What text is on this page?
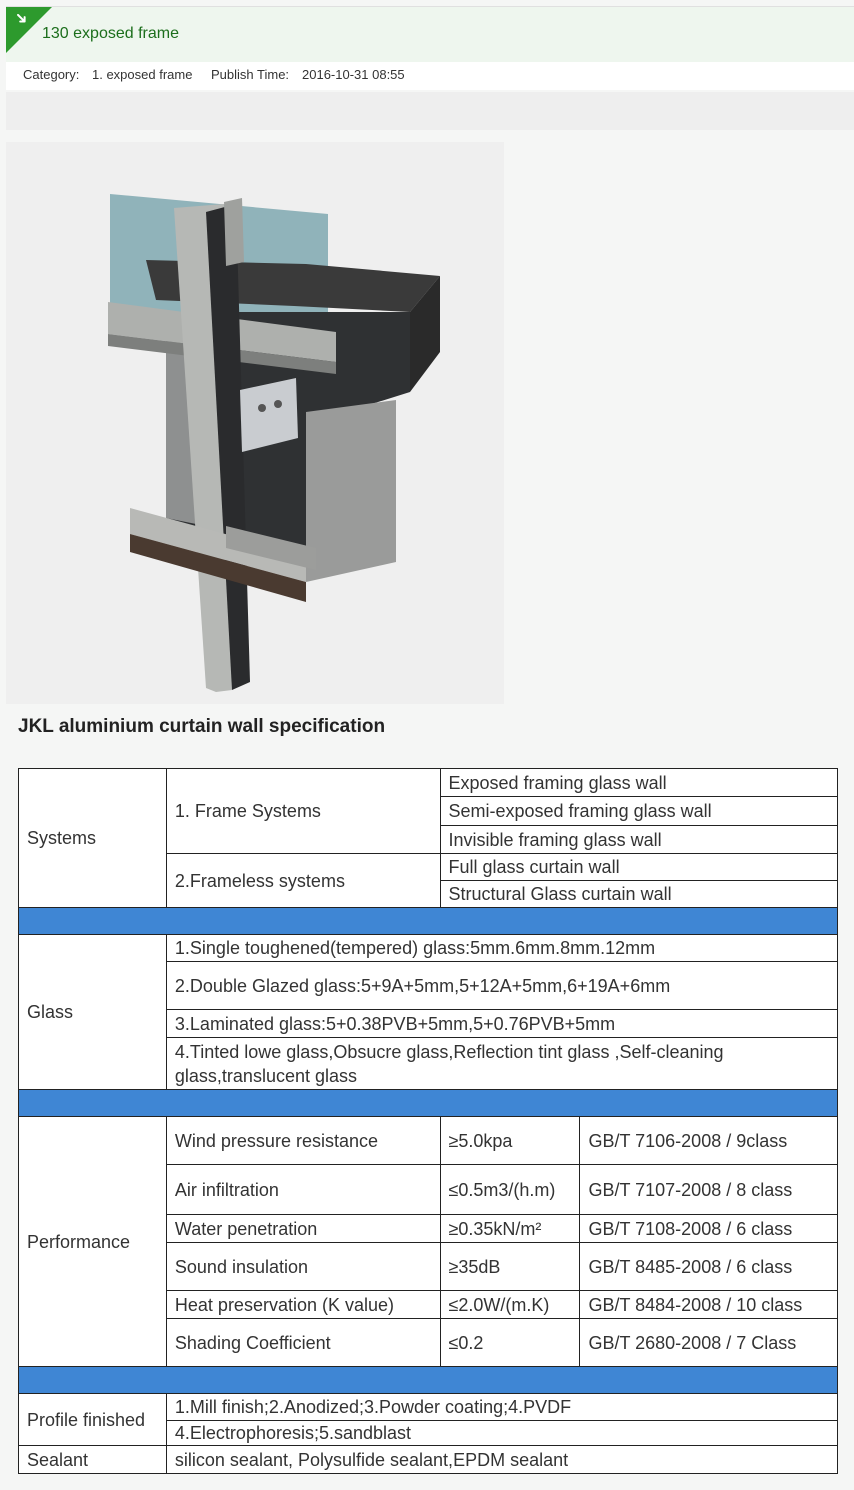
➜
130 exposed frame
Category: 1. exposed frame Publish Time: 2016-10-31 08:55
JKL aluminium curtain wall specification
Systems	1. Frame Systems	Exposed framing glass wall	
		Semi-exposed framing glass wall	
		Invisible framing glass wall	
	2.Frameless systems	Full glass curtain wall	
		Structural Glass curtain wall	

Glass	1.Single toughened(tempered) glass:5mm.6mm.8mm.12mm		
	2.Double Glazed glass:5+9A+5mm,5+12A+5mm,6+19A+6mm		
	3.Laminated glass:5+0.38PVB+5mm,5+0.76PVB+5mm		
	4.Tinted lowe glass,Obsucre glass,Reflection tint glass ,Self-cleaning glass,translucent glass		

Performance	Wind pressure resistance	≥5.0kpa	GB/T 7106-2008 / 9class
	Air infiltration	≤0.5m3/(h.m)	GB/T 7107-2008 / 8 class
	Water penetration	≥0.35kN/m²	GB/T 7108-2008 / 6 class
	Sound insulation	≥35dB	GB/T 8485-2008 / 6 class
	Heat preservation (K value)	≤2.0W/(m.K)	GB/T 8484-2008 / 10 class
	Shading Coefficient	≤0.2	GB/T 2680-2008 / 7 Class

Profile finished	1.Mill finish;2.Anodized;3.Powder coating;4.PVDF		
	4.Electrophoresis;5.sandblast		
Sealant	silicon sealant, Polysulfide sealant,EPDM sealant		
